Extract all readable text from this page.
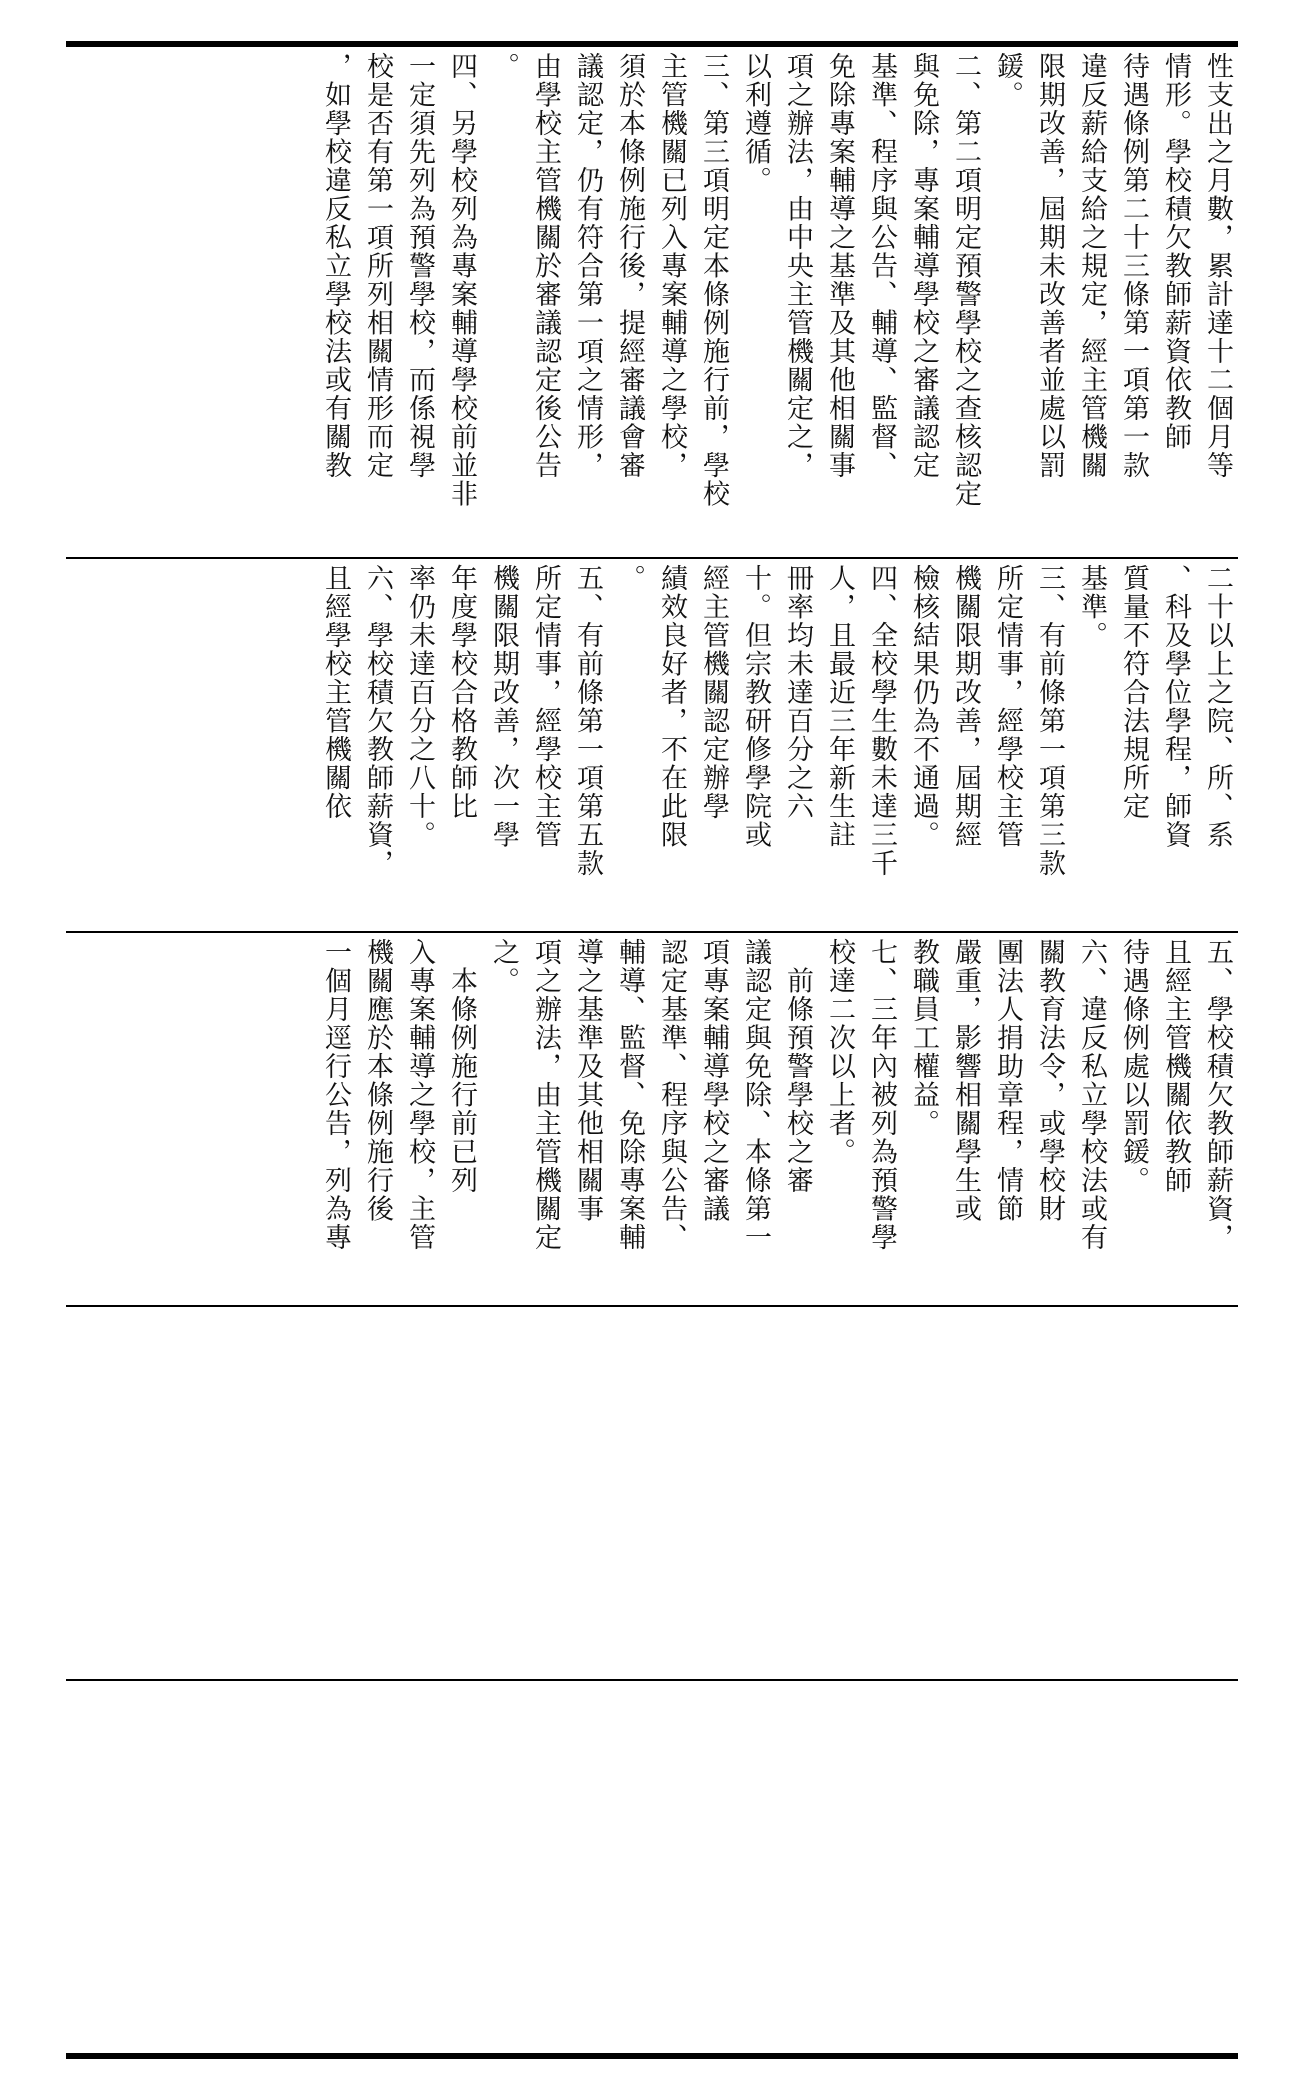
性支出之月數，累計達十二個月等
情形。學校積欠教師薪資依教師
待遇條例第二十三條第一項第一款
違反薪給支給之規定，經主管機關
限期改善，屆期未改善者並處以罰
鍰。
二、第二項明定預警學校之查核認定
與免除，專案輔導學校之審議認定
基準、程序與公告、輔導、監督、
免除專案輔導之基準及其他相關事
項之辦法，由中央主管機關定之，
以利遵循。
三、第三項明定本條例施行前，學校
主管機關已列入專案輔導之學校，
須於本條例施行後，提經審議會審
議認定，仍有符合第一項之情形，
由學校主管機關於審議認定後公告
。
四、另學校列為專案輔導學校前並非
一定須先列為預警學校，而係視學
校是否有第一項所列相關情形而定
，如學校違反私立學校法或有關教
二十以上之院、所、系
、科及學位學程，師資
質量不符合法規所定
基準。
三、有前條第一項第三款
所定情事，經學校主管
機關限期改善，屆期經
檢核結果仍為不通過。
四、全校學生數未達三千
人，且最近三年新生註
冊率均未達百分之六
十。但宗教研修學院或
經主管機關認定辦學
績效良好者，不在此限
。
五、有前條第一項第五款
所定情事，經學校主管
機關限期改善，次一學
年度學校合格教師比
率仍未達百分之八十。
六、學校積欠教師薪資，
且經學校主管機關依
五、學校積欠教師薪資，
且經主管機關依教師
待遇條例處以罰鍰。
六、違反私立學校法或有
關教育法令，或學校財
團法人捐助章程，情節
嚴重，影響相關學生或
教職員工權益。
七、三年內被列為預警學
校達二次以上者。
　前條預警學校之審
議認定與免除、本條第一
項專案輔導學校之審議
認定基準、程序與公告、
輔導、監督、免除專案輔
導之基準及其他相關事
項之辦法，由主管機關定
之。
　本條例施行前已列
入專案輔導之學校，主管
機關應於本條例施行後
一個月逕行公告，列為專
